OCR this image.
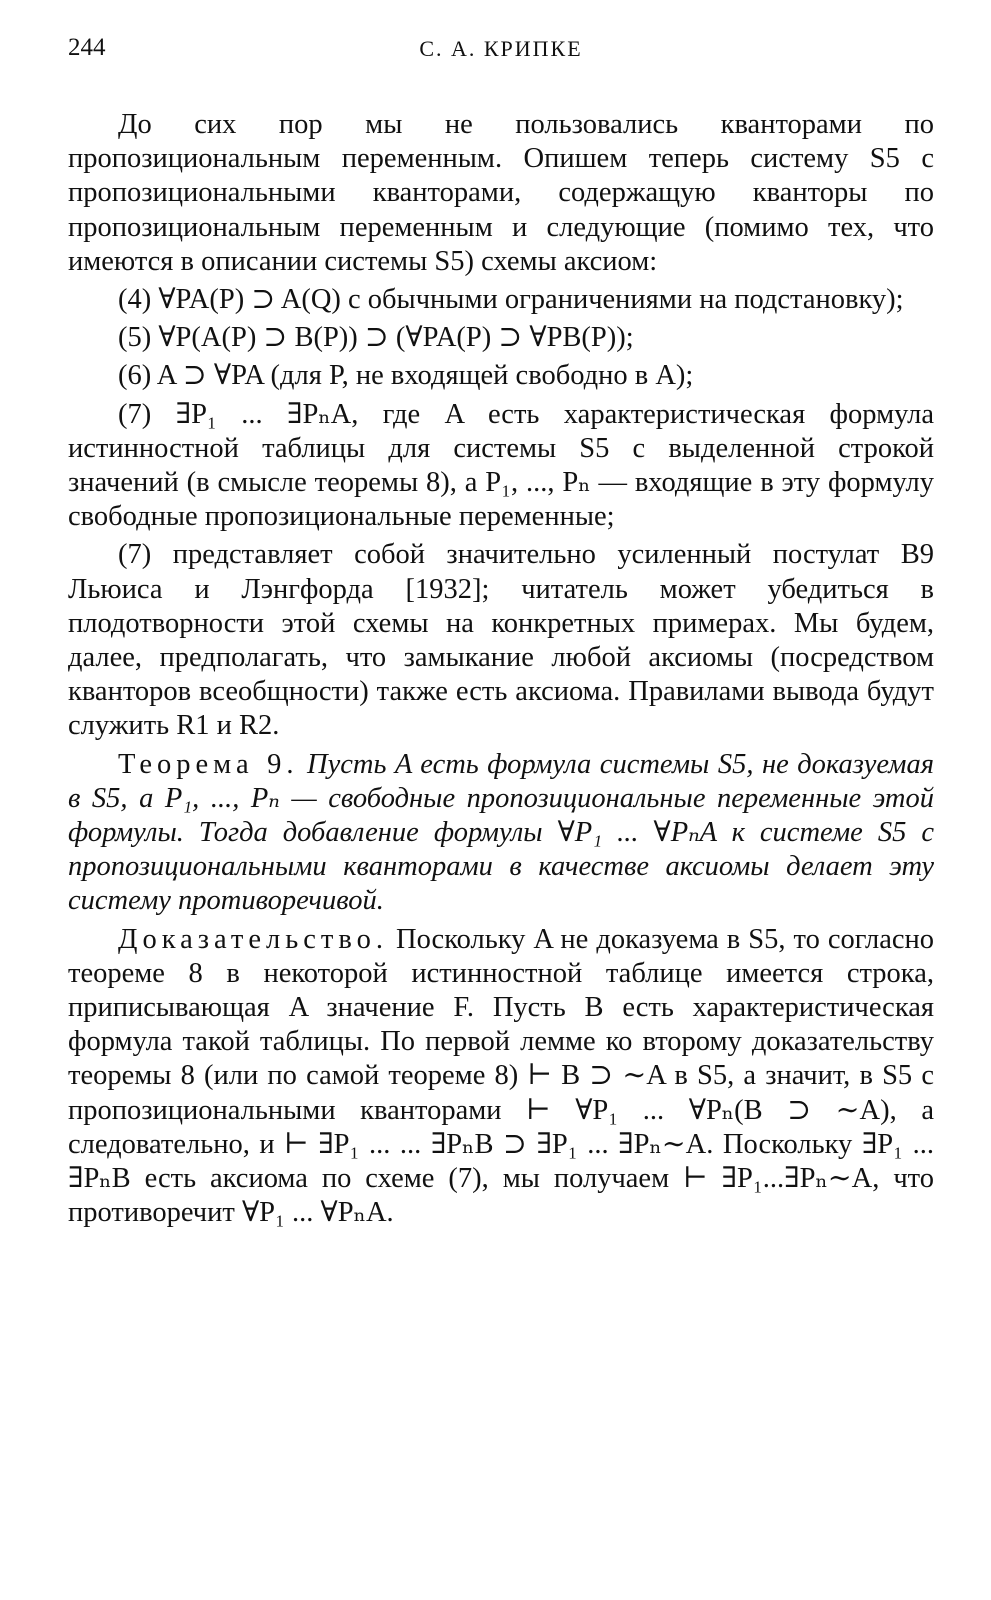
244	С. А. КРИПКЕ

До сих пор мы не пользовались кванторами по пропозициональным переменным. Опишем теперь систему S5 с пропозициональными кванторами, содержащую кванторы по пропозициональным переменным и следующие (помимо тех, что имеются в описании системы S5) схемы аксиом:

(4) ∀PA(P) ⊃ A(Q) с обычными ограничениями на подстановку);

(5) ∀P(A(P) ⊃ B(P)) ⊃ (∀PA(P) ⊃ ∀PB(P));

(6) A ⊃ ∀PA (для P, не входящей свободно в A);

(7) ∃P₁ ... ∃PₙA, где A есть характеристическая формула истинностной таблицы для системы S5 с выделенной строкой значений (в смысле теоремы 8), а P₁, ..., Pₙ — входящие в эту формулу свободные пропозициональные переменные;

(7) представляет собой значительно усиленный постулат B9 Льюиса и Лэнгфорда [1932]; читатель может убедиться в плодотворности этой схемы на конкретных примерах. Мы будем, далее, предполагать, что замыкание любой аксиомы (посредством кванторов всеобщности) также есть аксиома. Правилами вывода будут служить R1 и R2.

Теорема 9. Пусть A есть формула системы S5, не доказуемая в S5, а P₁, ..., Pₙ — свободные пропозициональные переменные этой формулы. Тогда добавление формулы ∀P₁ ... ∀PₙA к системе S5 с пропозициональными кванторами в качестве аксиомы делает эту систему противоречивой.

Доказательство. Поскольку A не доказуема в S5, то согласно теореме 8 в некоторой истинностной таблице имеется строка, приписывающая A значение F. Пусть B есть характеристическая формула такой таблицы. По первой лемме ко второму доказательству теоремы 8 (или по самой теореме 8) ⊢ B ⊃ ∼A в S5, а значит, в S5 с пропозициональными кванторами ⊢ ∀P₁ ... ∀Pₙ(B ⊃ ∼A), а следовательно, и ⊢ ∃P₁ ... ... ∃PₙB ⊃ ∃P₁ ... ∃Pₙ∼A. Поскольку ∃P₁ ... ∃PₙB есть аксиома по схеме (7), мы получаем ⊢ ∃P₁...∃Pₙ∼A, что противоречит ∀P₁ ... ∀PₙA.
